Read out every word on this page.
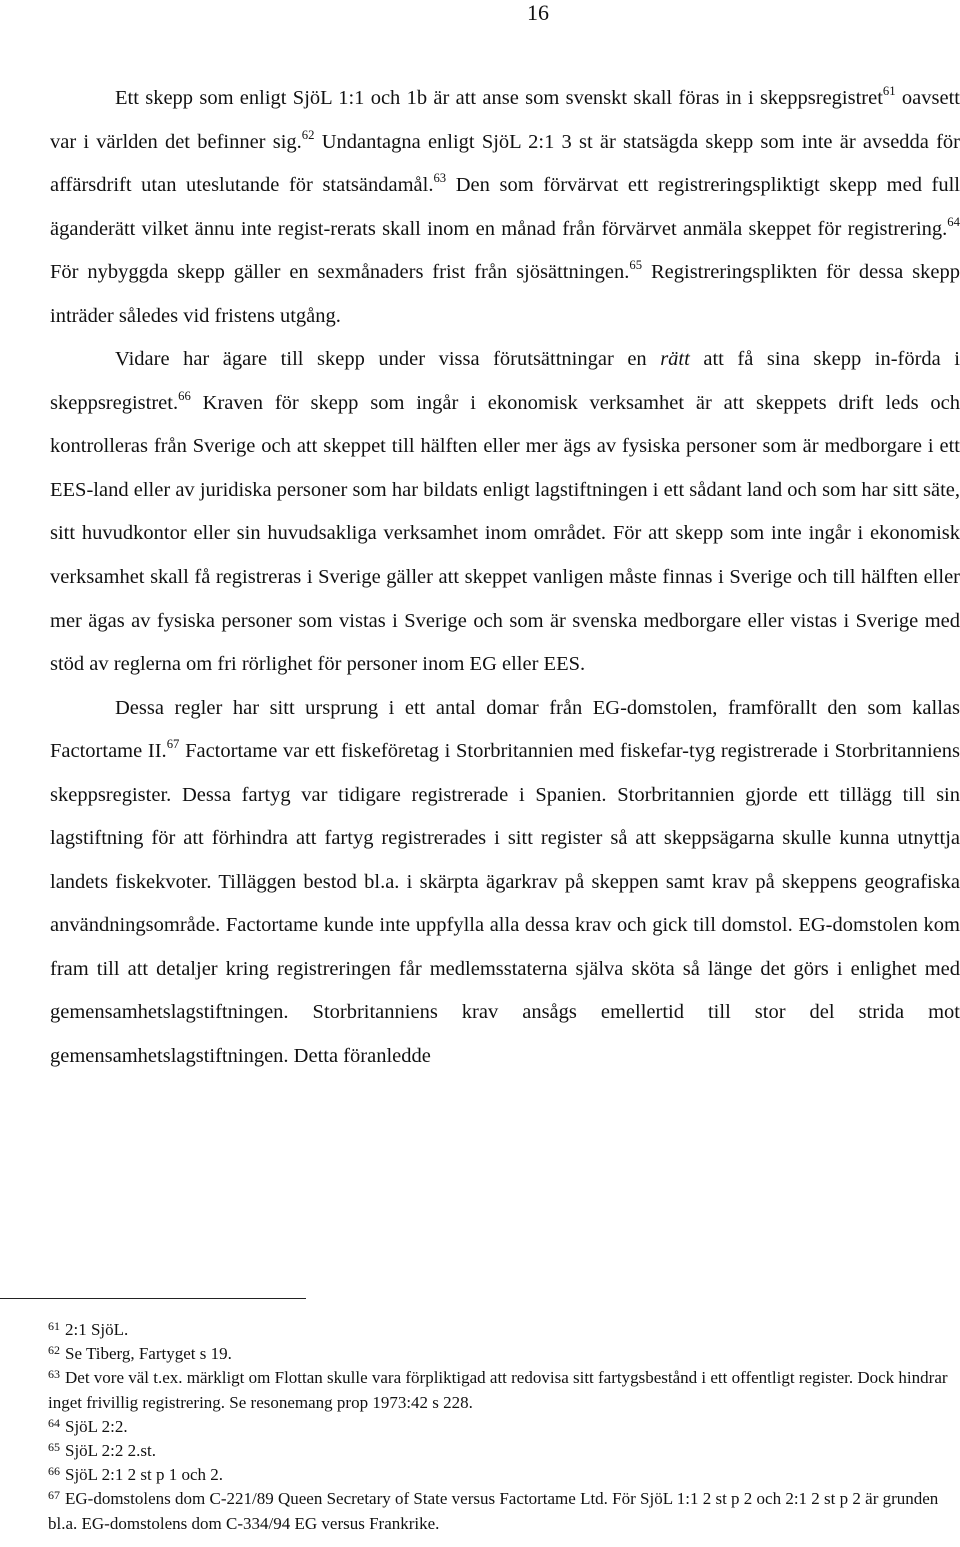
16

Ett skepp som enligt SjöL 1:1 och 1b är att anse som svenskt skall föras in i skeppsregistret$^{61}$ oavsett var i världen det befinner sig.$^{62}$ Undantagna enligt SjöL 2:1 3 st är statsägda skepp som inte är avsedda för affärsdrift utan uteslutande för statsändamål.$^{63}$ Den som förvärvat ett registreringspliktigt skepp med full äganderätt vilket ännu inte regist-rerats skall inom en månad från förvärvet anmäla skeppet för registrering.$^{64}$ För nybyggda skepp gäller en sexmånaders frist från sjösättningen.$^{65}$ Registreringsplikten för dessa skepp inträder således vid fristens utgång.

Vidare har ägare till skepp under vissa förutsättningar en rätt att få sina skepp in-förda i skeppsregistret.$^{66}$ Kraven för skepp som ingår i ekonomisk verksamhet är att skeppets drift leds och kontrolleras från Sverige och att skeppet till hälften eller mer ägs av fysiska personer som är medborgare i ett EES-land eller av juridiska personer som har bildats enligt lagstiftningen i ett sådant land och som har sitt säte, sitt huvudkontor eller sin huvudsakliga verksamhet inom området. För att skepp som inte ingår i ekonomisk verksamhet skall få registreras i Sverige gäller att skeppet vanligen måste finnas i Sverige och till hälften eller mer ägas av fysiska personer som vistas i Sverige och som är svenska medborgare eller vistas i Sverige med stöd av reglerna om fri rörlighet för personer inom EG eller EES.

Dessa regler har sitt ursprung i ett antal domar från EG-domstolen, framförallt den som kallas Factortame II.$^{67}$ Factortame var ett fiskeföretag i Storbritannien med fiskefar-tyg registrerade i Storbritanniens skeppsregister. Dessa fartyg var tidigare registrerade i Spanien. Storbritannien gjorde ett tillägg till sin lagstiftning för att förhindra att fartyg registrerades i sitt register så att skeppsägarna skulle kunna utnyttja landets fiskekvoter. Tilläggen bestod bl.a. i skärpta ägarkrav på skeppen samt krav på skeppens geografiska användningsområde. Factortame kunde inte uppfylla alla dessa krav och gick till domstol. EG-domstolen kom fram till att detaljer kring registreringen får medlemsstaterna själva sköta så länge det görs i enlighet med gemensamhetslagstiftningen. Storbritanniens krav ansågs emellertid till stor del strida mot gemensamhetslagstiftningen. Detta föranledde

61 2:1 SjöL.

62 Se Tiberg, Fartyget s 19.

63 Det vore väl t.ex. märkligt om Flottan skulle vara förpliktigad att redovisa sitt fartygsbestånd i ett offentligt register. Dock hindrar inget frivillig registrering. Se resonemang prop 1973:42 s 228.

64 SjöL 2:2.

65 SjöL 2:2 2.st.

66 SjöL 2:1 2 st p 1 och 2.

67 EG-domstolens dom C-221/89 Queen Secretary of State versus Factortame Ltd. För SjöL 1:1 2 st p 2 och 2:1 2 st p 2 är grunden bl.a. EG-domstolens dom C-334/94 EG versus Frankrike.
